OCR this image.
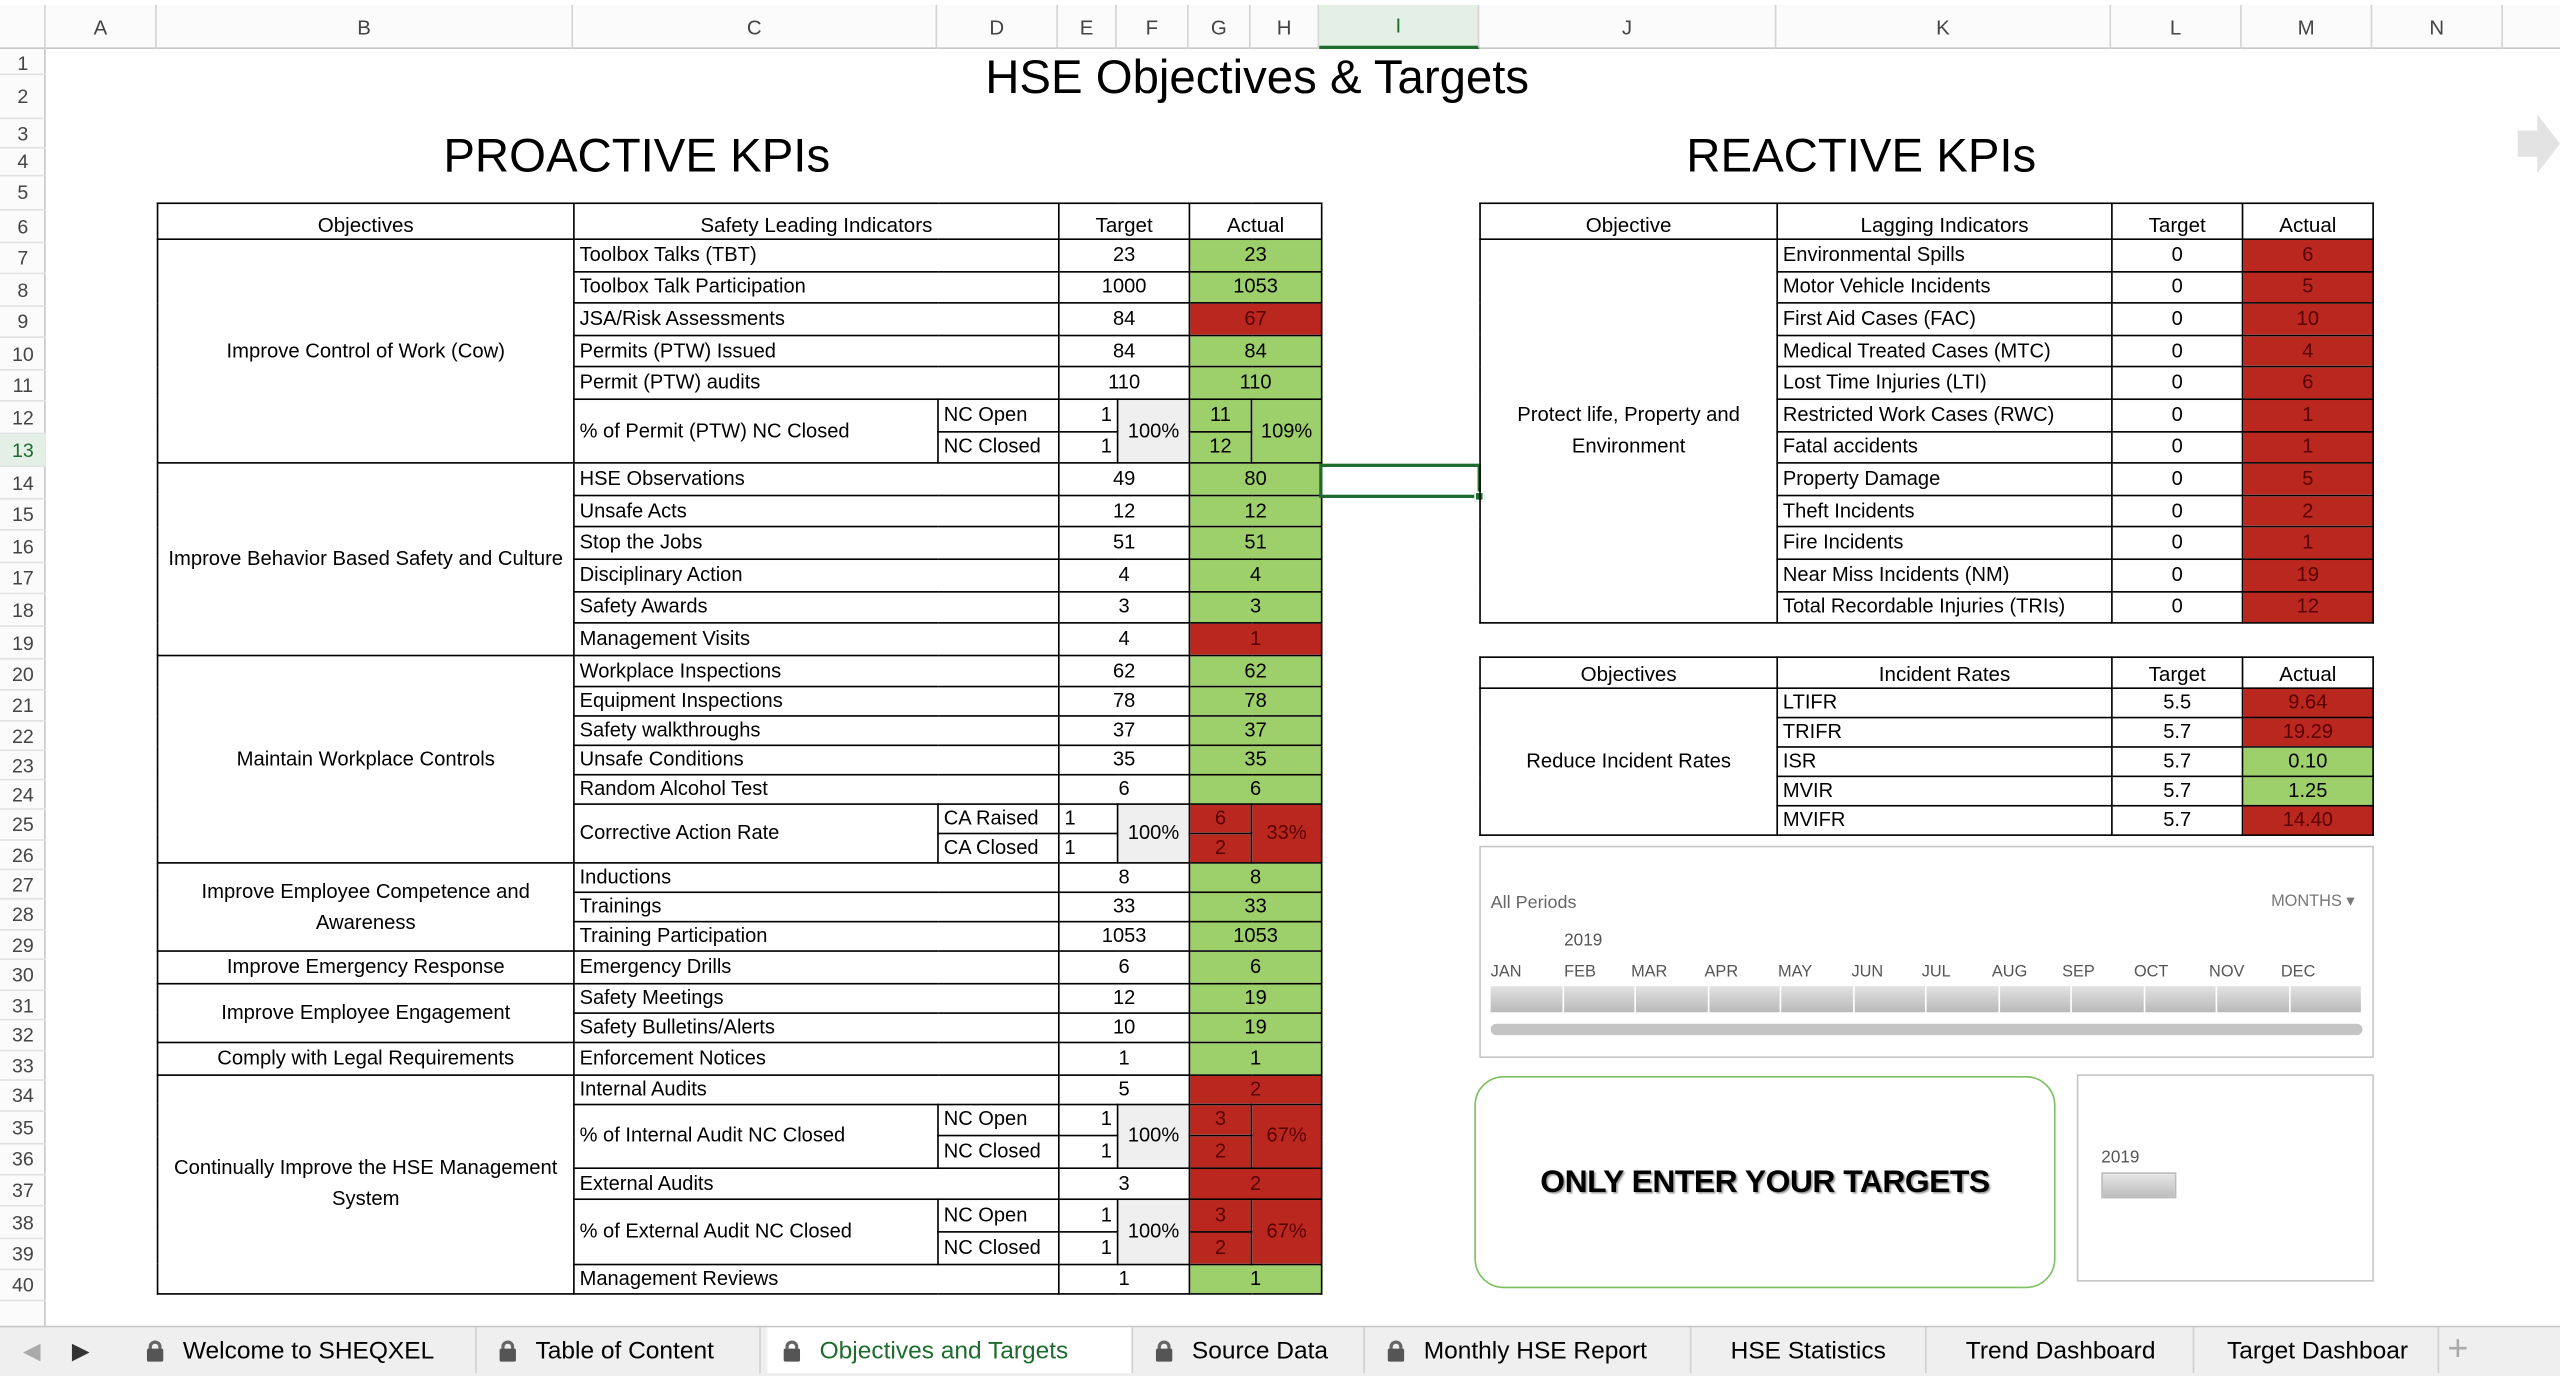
A	B	C	D	E	F	G	H	I	J	K	L	M	N
1
2
3
4
5
6
7
8
9
10
11
12
13
14
15
16
17
18
19
20
21
22
23
24
25
26
27
28
29
30
31
32
33
34
35
36
37
38
39
40
HSE Objectives & Targets
PROACTIVE KPIs	REACTIVE KPIs
Objectives	Safety Leading Indicators		Target		Actual	
Improve Control of Work (Cow)	Toolbox Talks (TBT)		23		23	
	Toolbox Talk Participation		1000		1053	
	JSA/Risk Assessments		84		67	
	Permits (PTW) Issued		84		84	
	Permit (PTW) audits		110		110	
	% of Permit (PTW) NC Closed	NC Open	1	100%	11	109%
		NC Closed	1		12	
Improve Behavior Based Safety and Culture	HSE Observations		49		80	
	Unsafe Acts		12		12	
	Stop the Jobs		51		51	
	Disciplinary Action		4		4	
	Safety Awards		3		3	
	Management Visits		4		1	
Maintain Workplace Controls	Workplace Inspections		62		62	
	Equipment Inspections		78		78	
	Safety walkthroughs		37		37	
	Unsafe Conditions		35		35	
	Random Alcohol Test		6		6	
	Corrective Action Rate	CA Raised	1	100%	6	33%
		CA Closed	1		2	
Improve Employee Competence and Awareness	Inductions		8		8	
	Trainings		33		33	
	Training Participation		1053		1053	
Improve Emergency Response	Emergency Drills		6		6	
Improve Employee Engagement	Safety Meetings		12		19	
	Safety Bulletins/Alerts		10		19	
Comply with Legal Requirements	Enforcement Notices		1		1	
Continually Improve the HSE Management System	Internal Audits		5		2	
	% of Internal Audit NC Closed	NC Open	1	100%	3	67%
		NC Closed	1		2	
	External Audits		3		2	
	% of External Audit NC Closed	NC Open	1	100%	3	67%
		NC Closed	1		2	
	Management Reviews		1		1	
Objective	Lagging Indicators	Target	Actual
Protect life, Property and Environment	Environmental Spills	0	6
	Motor Vehicle Incidents	0	5
	First Aid Cases (FAC)	0	10
	Medical Treated Cases (MTC)	0	4
	Lost Time Injuries (LTI)	0	6
	Restricted Work Cases (RWC)	0	1
	Fatal accidents	0	1
	Property Damage	0	5
	Theft Incidents	0	2
	Fire Incidents	0	1
	Near Miss Incidents (NM)	0	19
	Total Recordable Injuries (TRIs)	0	12
Objectives	Incident Rates	Target	Actual
Reduce Incident Rates	LTIFR	5.5	9.64
	TRIFR	5.7	19.29
	ISR	5.7	0.10
	MVIR	5.7	1.25
	MVIFR	5.7	14.40
All Periods	MONTHS ▾
2019
JAN	FEB	MAR	APR	MAY	JUN	JUL	AUG	SEP	OCT	NOV	DEC
ONLY ENTER YOUR TARGETS
2019
◀ ▶	Welcome to SHEQXEL	Table of Content	Objectives and Targets	Source Data	Monthly HSE Report	HSE Statistics	Trend Dashboard	Target Dashboar +
